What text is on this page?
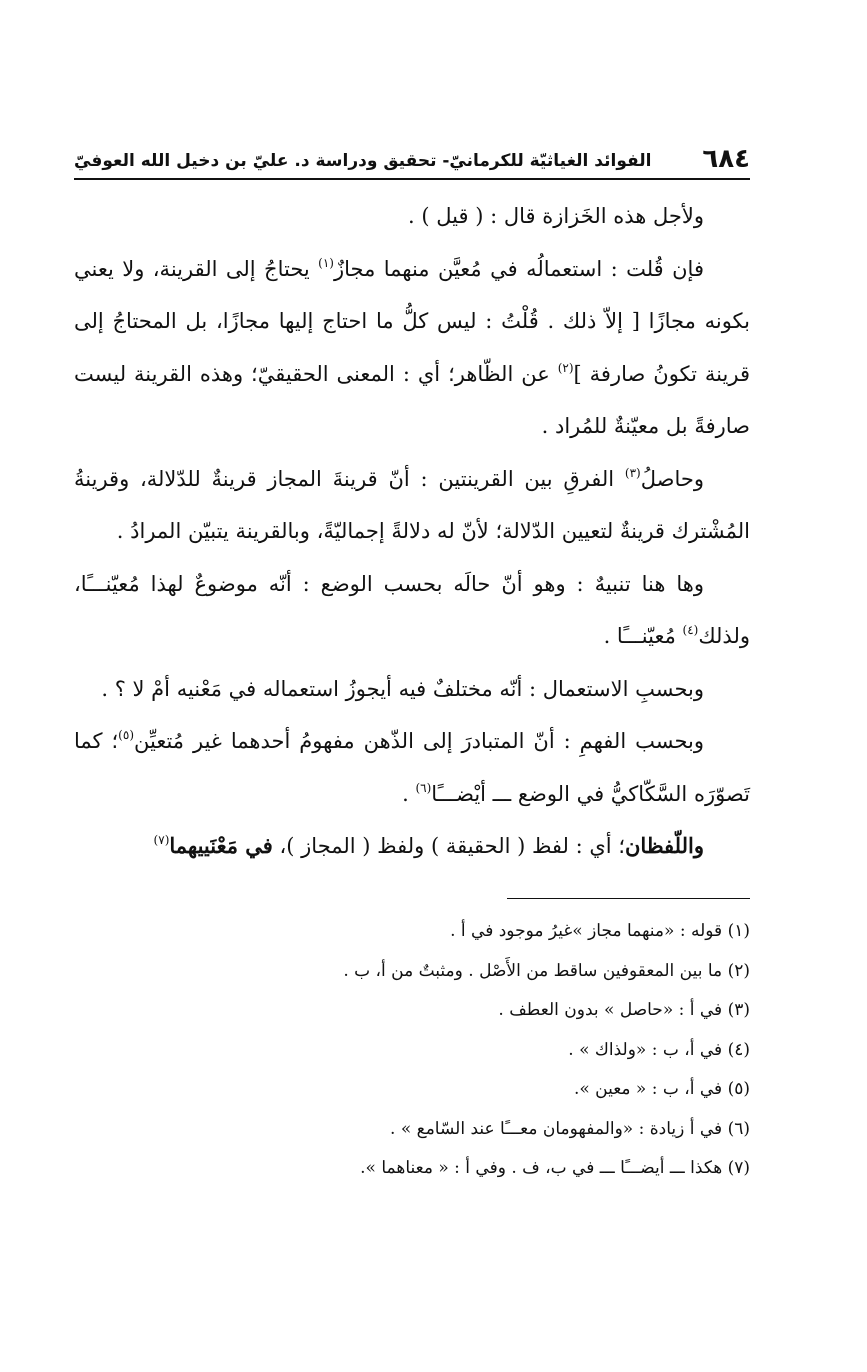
٦٨٤
الفوائد الغياثيّة للكرمانيّ- تحقيق ودراسة د. عليّ بن دخيل الله العوفيّ

ولأجل هذه الخَزازة قال : ( قيل ) .

فإن قُلت : استعمالُه في مُعيَّن منهما مجازٌ$^{(١)}$ يحتاجُ إلى القرينة، ولا يعني بكونه مجازًا [ إلاّ ذلك . قُلْتُ : ليس كلُّ ما احتاج إليها مجازًا، بل المحتاجُ إلى قرينة تكونُ صارفة ]$^{(٢)}$ عن الظّاهر؛ أي : المعنى الحقيقيّ؛ وهذه القرينة ليست صارفةً بل معيّنةٌ للمُراد .

وحاصلُ$^{(٣)}$ الفرقِ بين القرينتين : أنّ قرينةَ المجاز قرينةٌ للدّلالة، وقرينةُ المُشْترك قرينةٌ لتعيين الدّلالة؛ لأنّ له دلالةً إجماليّةً، وبالقرينة يتبيّن المرادُ .

وها هنا تنبيهٌ : وهو أنّ حالَه بحسب الوضع : أنّه موضوعٌ لهذا مُعيّنـــًا، ولذلك$^{(٤)}$ مُعيّنـــًا .

وبحسبِ الاستعمال : أنّه مختلفٌ فيه أيجوزُ استعماله في مَعْنيه أمْ لا ؟ .

وبحسب الفهمِ : أنّ المتبادرَ إلى الذّهن مفهومُ أحدهما غير مُتعيِّن$^{(٥)}$؛ كما تَصوّرَه السَّكّاكيُّ في الوضع ـــ أيْضـــًا$^{(٦)}$ .

واللّفظان؛ أي : لفظ ( الحقيقة ) ولفظ ( المجاز )، في مَعْنَييهما$^{(٧)}$

(١) قوله : «منهما مجاز »غيرُ موجود في أ .

(٢) ما بين المعقوفين ساقط من الأَصْل . ومثبتٌ من أ، ب .

(٣) في أ : «حاصل » بدون العطف .

(٤) في أ، ب : «ولذاك » .

(٥) في أ، ب : « معين ».

(٦) في أ زيادة : «والمفهومان معـــًا عند السّامع » .

(٧) هكذا ـــ أيضـــًا ـــ في ب، ف . وفي أ : « معناهما ».
